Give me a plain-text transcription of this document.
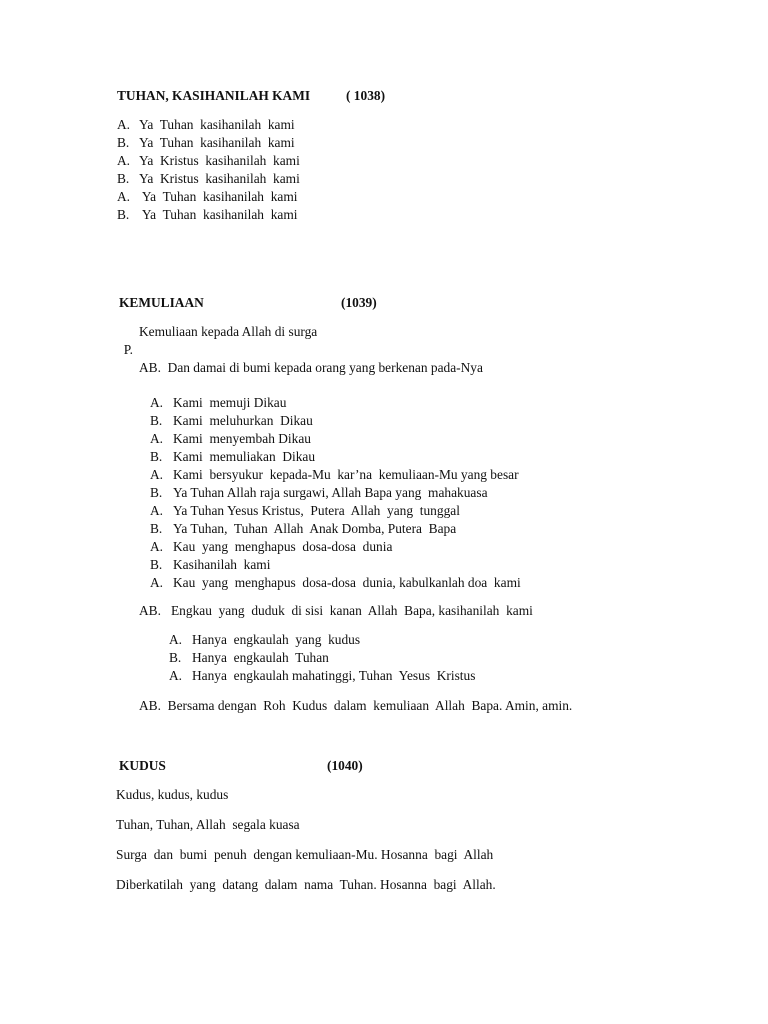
TUHAN, KASIHANILAH KAMI	( 1038)
A. Ya  Tuhan  kasihanilah  kami
B. Ya  Tuhan  kasihanilah  kami
A. Ya  Kristus  kasihanilah  kami
B. Ya  Kristus  kasihanilah  kami
A. Ya  Tuhan  kasihanilah  kami
B. Ya  Tuhan  kasihanilah  kami
KEMULIAAN	(1039)

P.
Kemuliaan kepada Allah di surga

AB.  Dan damai di bumi kepada orang yang berkenan pada-Nya
A. Kami  memuji Dikau
B. Kami  meluhurkan  Dikau
A. Kami  menyembah Dikau
B. Kami  memuliakan  Dikau
A. Kami  bersyukur  kepada-Mu  kar’na  kemuliaan-Mu yang besar
B. Ya Tuhan Allah raja surgawi, Allah Bapa yang  mahakuasa
A. Ya Tuhan Yesus Kristus,  Putera  Allah  yang  tunggal
B. Ya Tuhan,  Tuhan  Allah  Anak Domba, Putera  Bapa
A. Kau  yang  menghapus  dosa-dosa  dunia
B. Kasihanilah  kami
A. Kau  yang  menghapus  dosa-dosa  dunia, kabulkanlah doa  kami
AB.   Engkau  yang  duduk  di sisi  kanan  Allah  Bapa, kasihanilah  kami
A. Hanya  engkaulah  yang  kudus
B. Hanya  engkaulah  Tuhan
A. Hanya  engkaulah mahatinggi, Tuhan  Yesus  Kristus
AB.  Bersama dengan  Roh  Kudus  dalam  kemuliaan  Allah  Bapa. Amin, amin.
KUDUS	(1040)
Kudus, kudus, kudus
Tuhan, Tuhan, Allah  segala kuasa
Surga  dan  bumi  penuh  dengan kemuliaan-Mu. Hosanna  bagi  Allah
Diberkatilah  yang  datang  dalam  nama  Tuhan. Hosanna  bagi  Allah.
